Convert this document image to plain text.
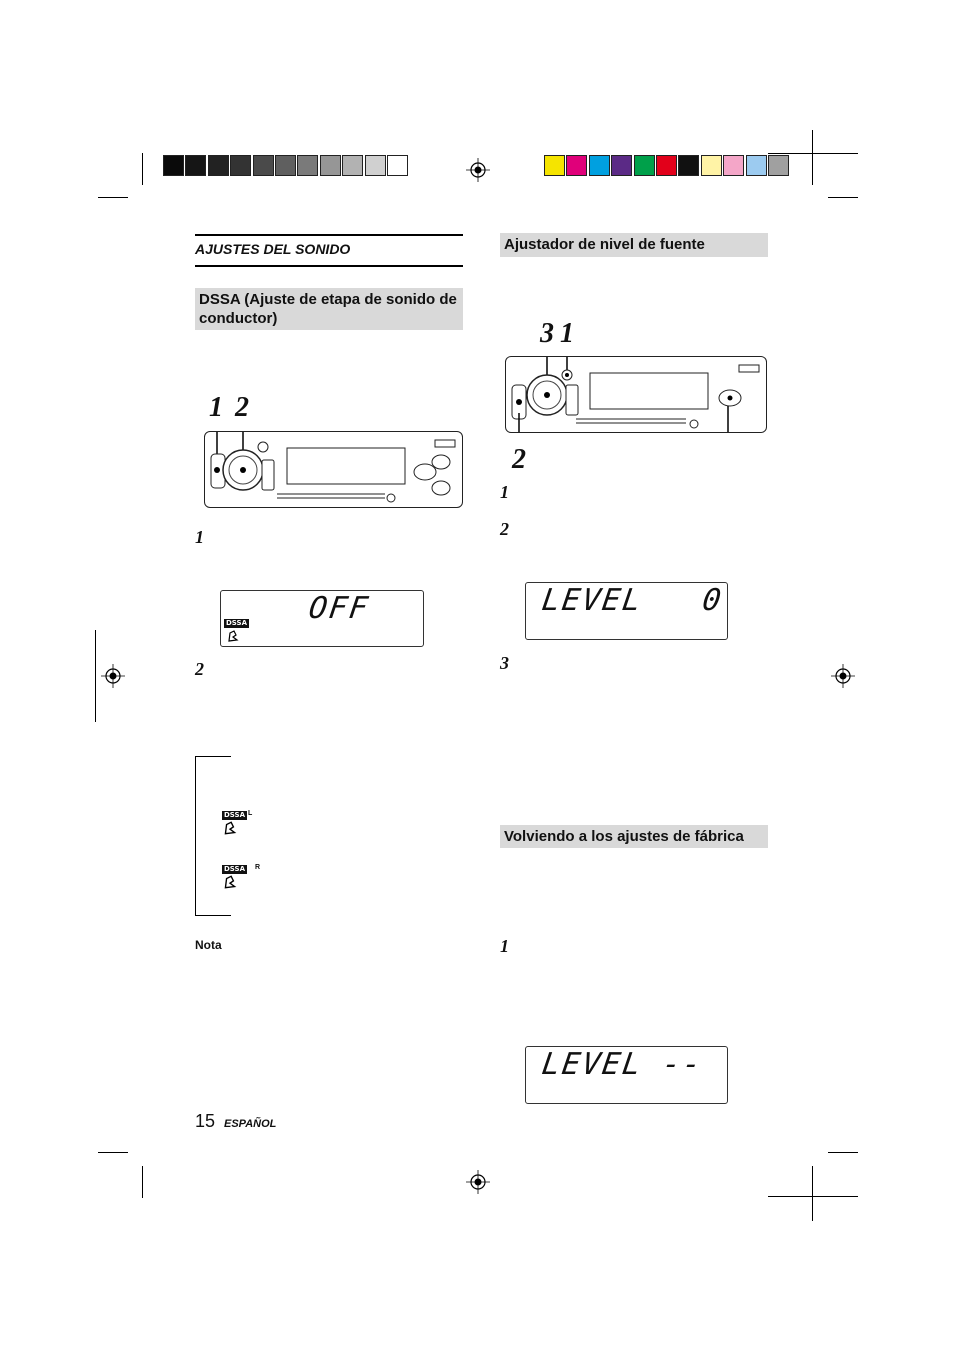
AJUSTES DEL SONIDO
DSSA (Ajuste de etapa de sonido de conductor)
1 2
1
OFF
DSSA
2
DSSA L
DSSA R
Nota
Ajustador de nivel de fuente
3 1
2
1
2
LEVEL   0
3
Volviendo a los ajustes de fábrica
1
LEVEL --
15 ESPAÑOL
